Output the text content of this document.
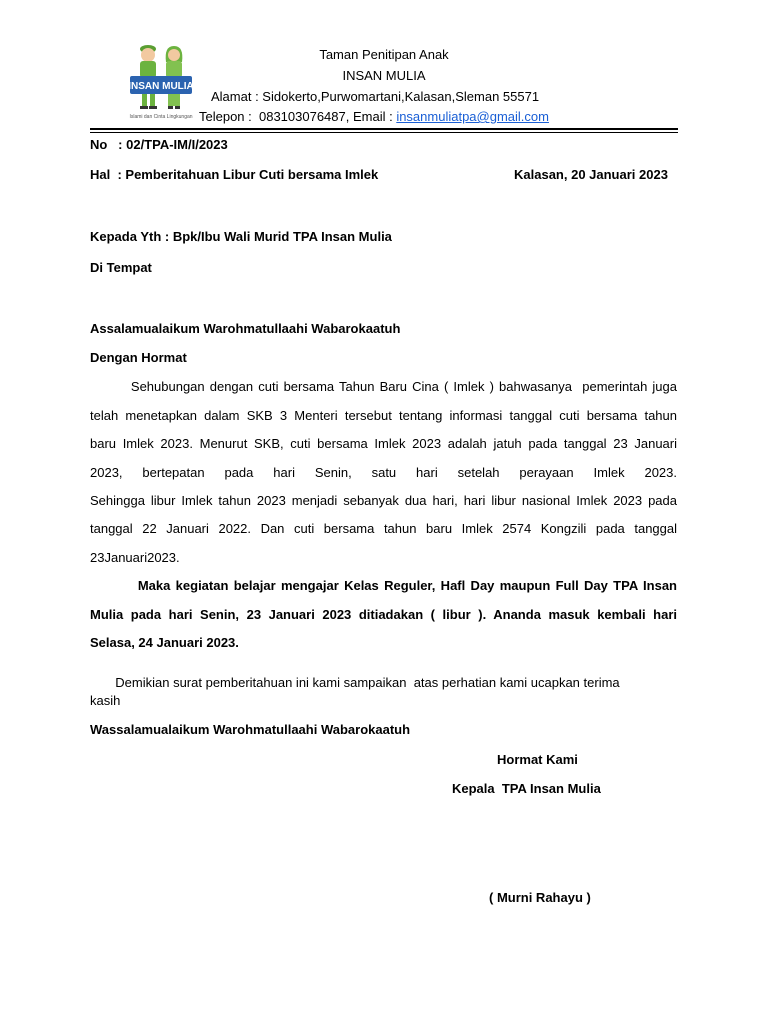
INSAN MULIA
Islami dan Cinta Lingkungan
Taman Penitipan Anak
INSAN MULIA
Alamat : Sidokerto,Purwomartani,Kalasan,Sleman 55571
Telepon :  083103076487, Email : insanmuliatpa@gmail.com
No   : 02/TPA-IM/I/2023
Hal  : Pemberitahuan Libur Cuti bersama Imlek	Kalasan, 20 Januari 2023
Kepada Yth : Bpk/Ibu Wali Murid TPA Insan Mulia
Di Tempat
Assalamualaikum Warohmatullaahi Wabarokaatuh
Dengan Hormat
Sehubungan dengan cuti bersama Tahun Baru Cina ( Imlek ) bahwasanya  pemerintah juga
telah menetapkan dalam SKB 3 Menteri tersebut tentang informasi tanggal cuti bersama tahun
baru Imlek 2023. Menurut SKB, cuti bersama Imlek 2023 adalah jatuh pada tanggal 23 Januari
2023, bertepatan pada hari Senin, satu hari setelah perayaan Imlek 2023.
Sehingga libur Imlek tahun 2023 menjadi sebanyak dua hari, hari libur nasional Imlek 2023 pada
tanggal 22 Januari 2022. Dan cuti bersama tahun baru Imlek 2574 Kongzili pada tanggal
23Januari2023.
Maka kegiatan belajar mengajar Kelas Reguler, Hafl Day maupun Full Day TPA Insan
Mulia pada hari Senin, 23 Januari 2023 ditiadakan ( libur ). Ananda masuk kembali hari
Selasa, 24 Januari 2023.
Demikian surat pemberitahuan ini kami sampaikan  atas perhatian kami ucapkan terima
kasih
Wassalamualaikum Warohmatullaahi Wabarokaatuh
Hormat Kami
Kepala  TPA Insan Mulia
( Murni Rahayu )
